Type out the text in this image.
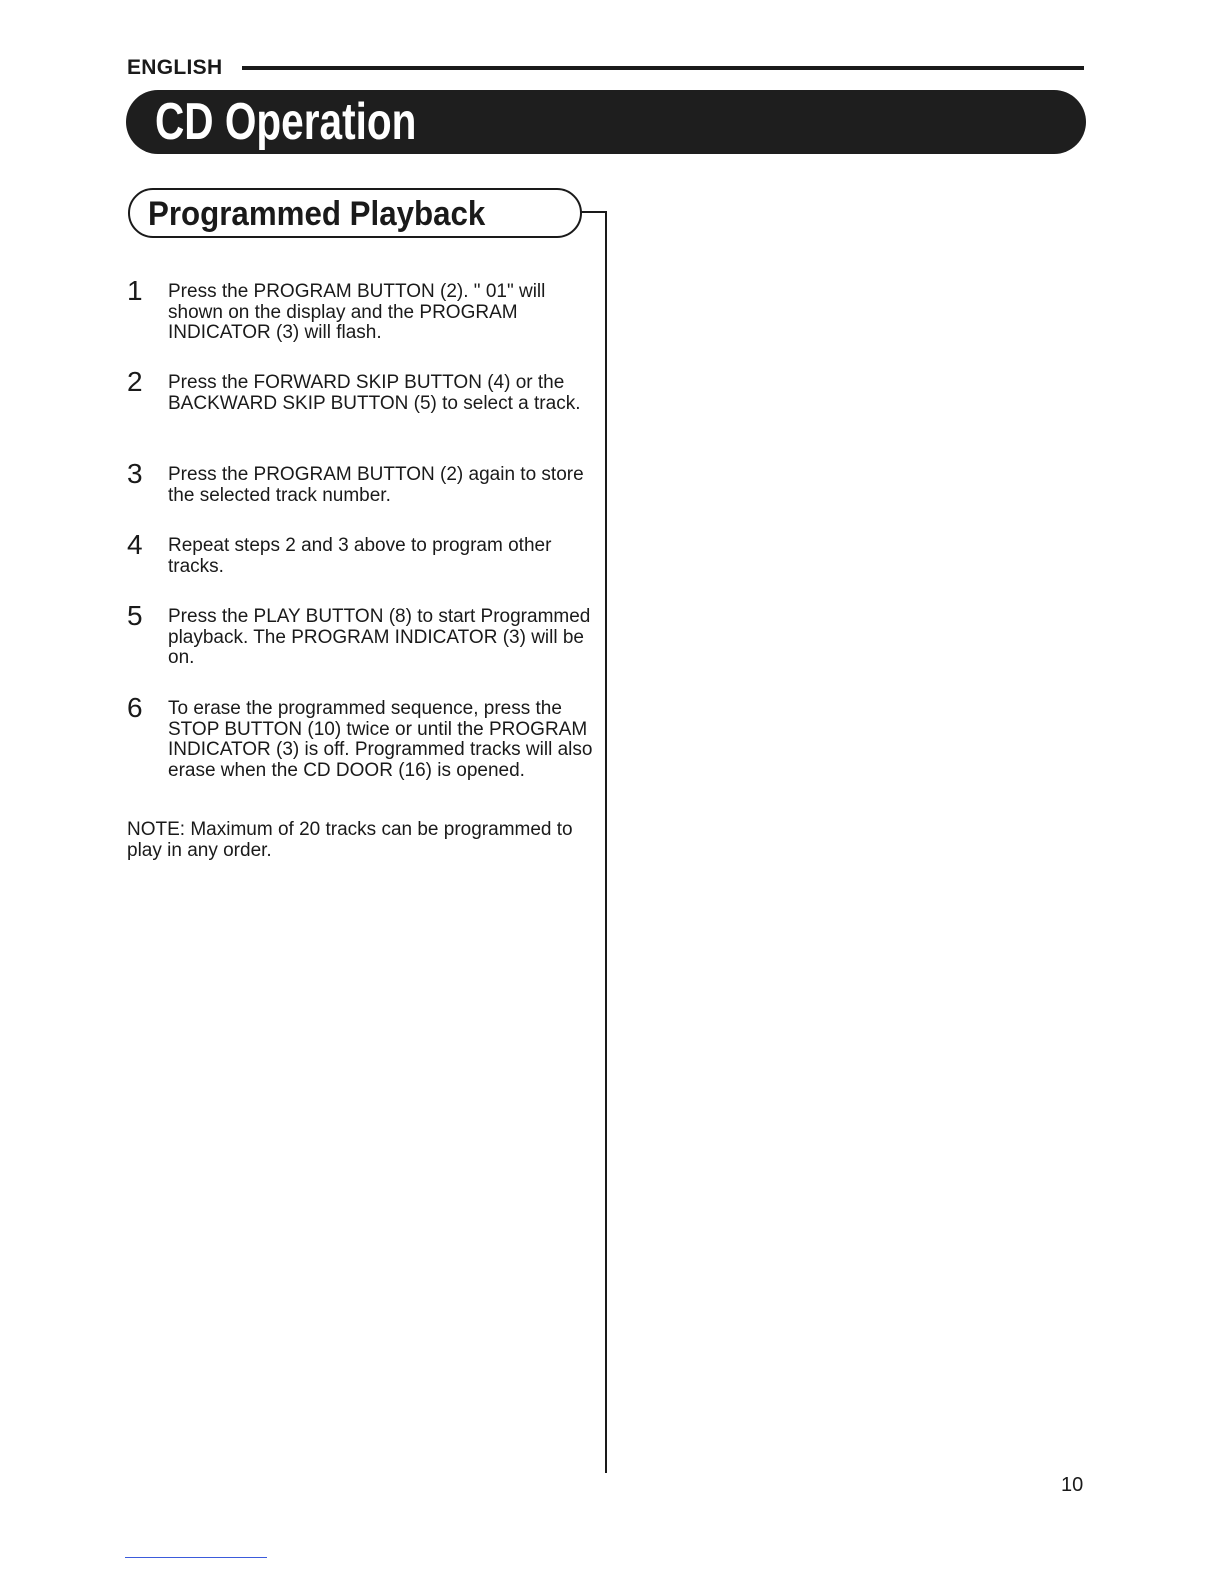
ENGLISH
CD Operation
Programmed Playback
1 Press the PROGRAM BUTTON (2). " 01" will shown on the display and the PROGRAM INDICATOR (3) will flash.
2 Press the FORWARD SKIP BUTTON (4) or the BACKWARD SKIP BUTTON (5) to select a track.
3 Press the PROGRAM BUTTON (2) again to store the selected track number.
4 Repeat steps 2 and 3 above to program other tracks.
5 Press the PLAY BUTTON (8) to start Programmed playback. The PROGRAM INDICATOR (3) will be on.
6 To erase the programmed sequence, press the STOP BUTTON (10) twice or until the PROGRAM INDICATOR (3) is off. Programmed tracks will also erase when the CD DOOR (16) is opened.
NOTE: Maximum of 20 tracks can be programmed to play in any order.
10
